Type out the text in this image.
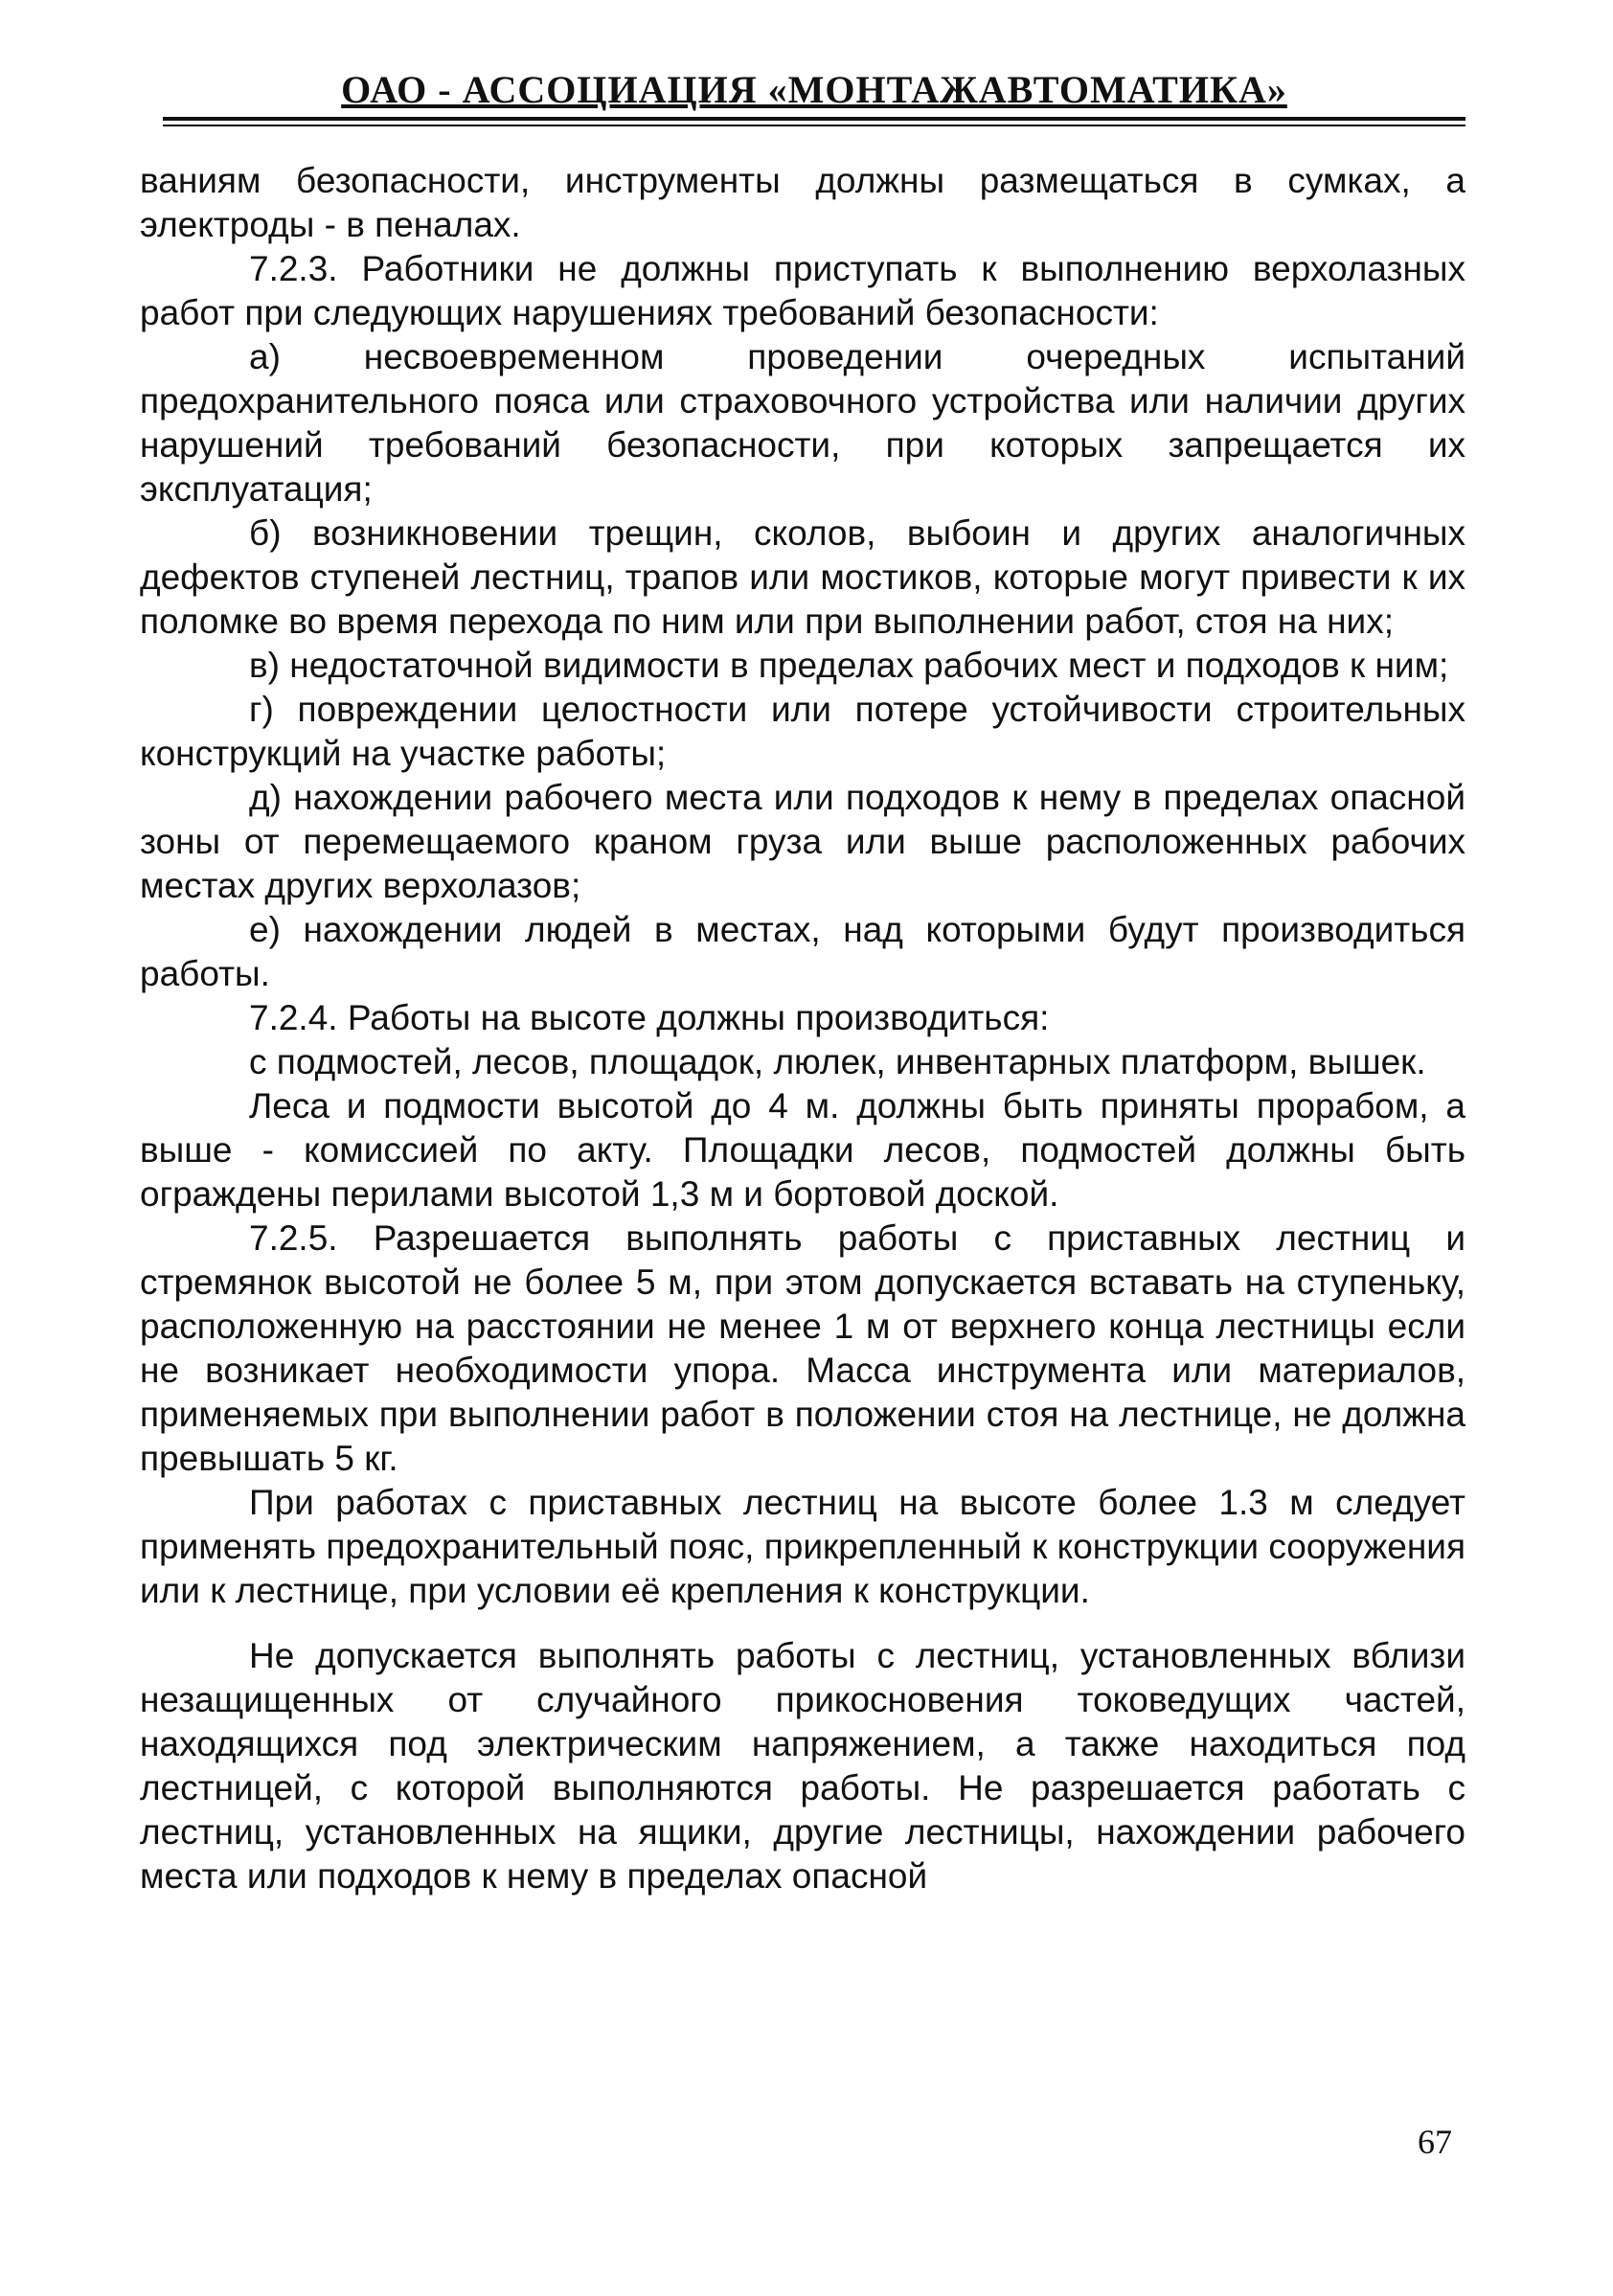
ОАО - АССОЦИАЦИЯ «МОНТАЖАВТОМАТИКА»

ваниям безопасности, инструменты должны размещаться в сумках, а электроды - в пеналах.

7.2.3. Работники не должны приступать к выполнению верхолазных работ при следующих нарушениях требований безопасности:

а) несвоевременном проведении очередных испытаний предохранительного пояса или страховочного устройства или наличии других нарушений требований безопасности, при которых запрещается их эксплуатация;

б) возникновении трещин, сколов, выбоин и других аналогичных дефектов ступеней лестниц, трапов или мостиков, которые могут привести к их поломке во время перехода по ним или при выполнении работ, стоя на них;

в) недостаточной видимости в пределах рабочих мест и подходов к ним;

г) повреждении целостности или потере устойчивости строительных конструкций на участке работы;

д) нахождении рабочего места или подходов к нему в пределах опасной зоны от перемещаемого краном груза или выше расположенных рабочих местах других верхолазов;

е) нахождении людей в местах, над которыми будут производиться работы.

7.2.4. Работы на высоте должны производиться:

с подмостей, лесов, площадок, люлек, инвентарных платформ, вышек.

Леса и подмости высотой до 4 м. должны быть приняты прорабом, а выше - комиссией по акту. Площадки лесов, подмостей должны быть ограждены перилами высотой 1,3 м и бортовой доской.

7.2.5. Разрешается выполнять работы с приставных лестниц и стремянок высотой не более 5 м, при этом допускается вставать на ступеньку, расположенную на расстоянии не менее 1 м от верхнего конца лестницы если не возникает необходимости упора. Масса инструмента или материалов, применяемых при выполнении работ в положении стоя на лестнице, не должна превышать 5 кг.

При работах с приставных лестниц на высоте более 1.3 м следует применять предохранительный пояс, прикрепленный к конструкции сооружения или к лестнице, при условии её крепления к конструкции.

Не допускается выполнять работы с лестниц, установленных вблизи незащищенных от случайного прикосновения токоведущих частей, находящихся под электрическим напряжением, а также находиться под лестницей, с которой выполняются работы. Не разрешается работать с лестниц, установленных на ящики, другие лестницы, нахождении рабочего места или подходов к нему в пределах опасной

67
